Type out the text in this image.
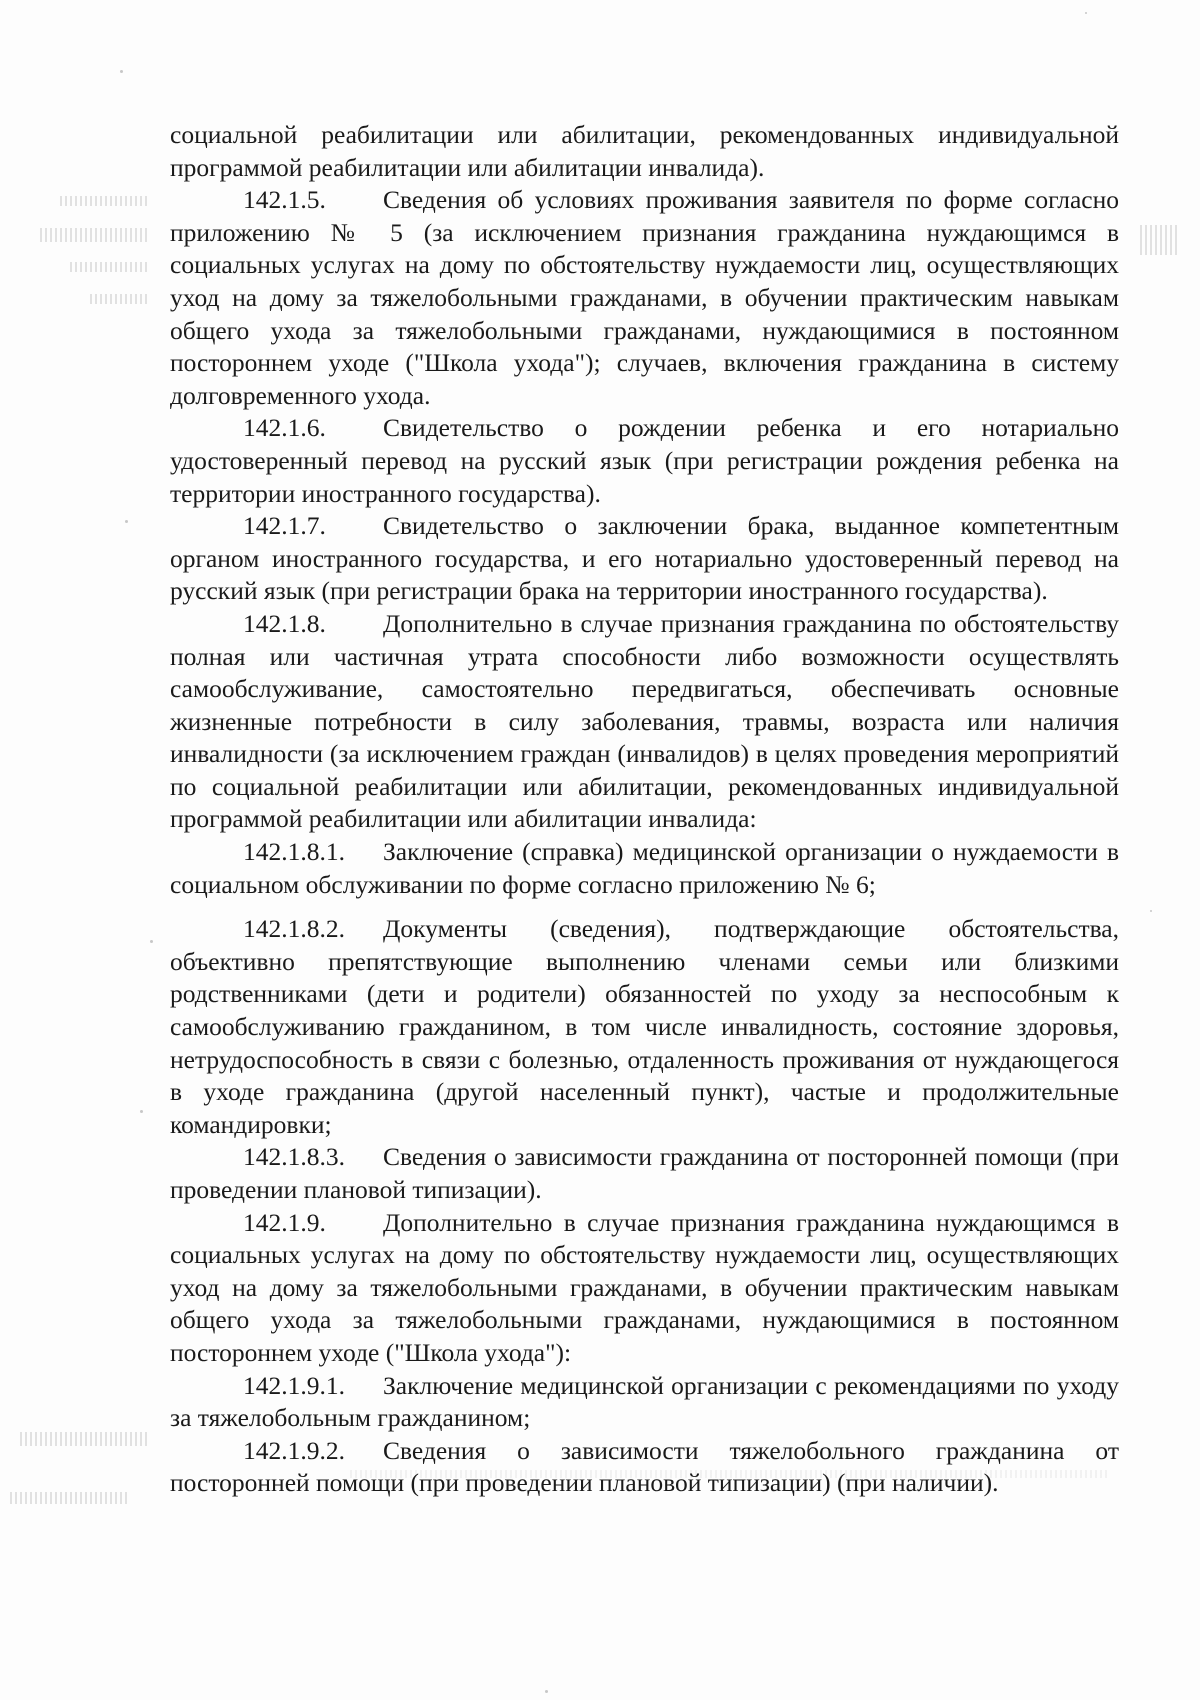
социальной реабилитации или абилитации, рекомендованных индивидуальной программой реабилитации или абилитации инвалида).

142.1.5. Сведения об условиях проживания заявителя по форме согласно приложению № 5 (за исключением признания гражданина нуждающимся в социальных услугах на дому по обстоятельству нуждаемости лиц, осуществляющих уход на дому за тяжелобольными гражданами, в обучении практическим навыкам общего ухода за тяжелобольными гражданами, нуждающимися в постоянном постороннем уходе ("Школа ухода"); случаев, включения гражданина в систему долговременного ухода.

142.1.6. Свидетельство о рождении ребенка и его нотариально удостоверенный перевод на русский язык (при регистрации рождения ребенка на территории иностранного государства).

142.1.7. Свидетельство о заключении брака, выданное компетентным органом иностранного государства, и его нотариально удостоверенный перевод на русский язык (при регистрации брака на территории иностранного государства).

142.1.8. Дополнительно в случае признания гражданина по обстоятельству полная или частичная утрата способности либо возможности осуществлять самообслуживание, самостоятельно передвигаться, обеспечивать основные жизненные потребности в силу заболевания, травмы, возраста или наличия инвалидности (за исключением граждан (инвалидов) в целях проведения мероприятий по социальной реабилитации или абилитации, рекомендованных индивидуальной программой реабилитации или абилитации инвалида:

142.1.8.1. Заключение (справка) медицинской организации о нуждаемости в социальном обслуживании по форме согласно приложению № 6;

142.1.8.2. Документы (сведения), подтверждающие обстоятельства, объективно препятствующие выполнению членами семьи или близкими родственниками (дети и родители) обязанностей по уходу за неспособным к самообслуживанию гражданином, в том числе инвалидность, состояние здоровья, нетрудоспособность в связи с болезнью, отдаленность проживания от нуждающегося в уходе гражданина (другой населенный пункт), частые и продолжительные командировки;

142.1.8.3. Сведения о зависимости гражданина от посторонней помощи (при проведении плановой типизации).

142.1.9. Дополнительно в случае признания гражданина нуждающимся в социальных услугах на дому по обстоятельству нуждаемости лиц, осуществляющих уход на дому за тяжелобольными гражданами, в обучении практическим навыкам общего ухода за тяжелобольными гражданами, нуждающимися в постоянном постороннем уходе ("Школа ухода"):

142.1.9.1. Заключение медицинской организации с рекомендациями по уходу за тяжелобольным гражданином;

142.1.9.2. Сведения о зависимости тяжелобольного гражданина от посторонней помощи (при проведении плановой типизации) (при наличии).
